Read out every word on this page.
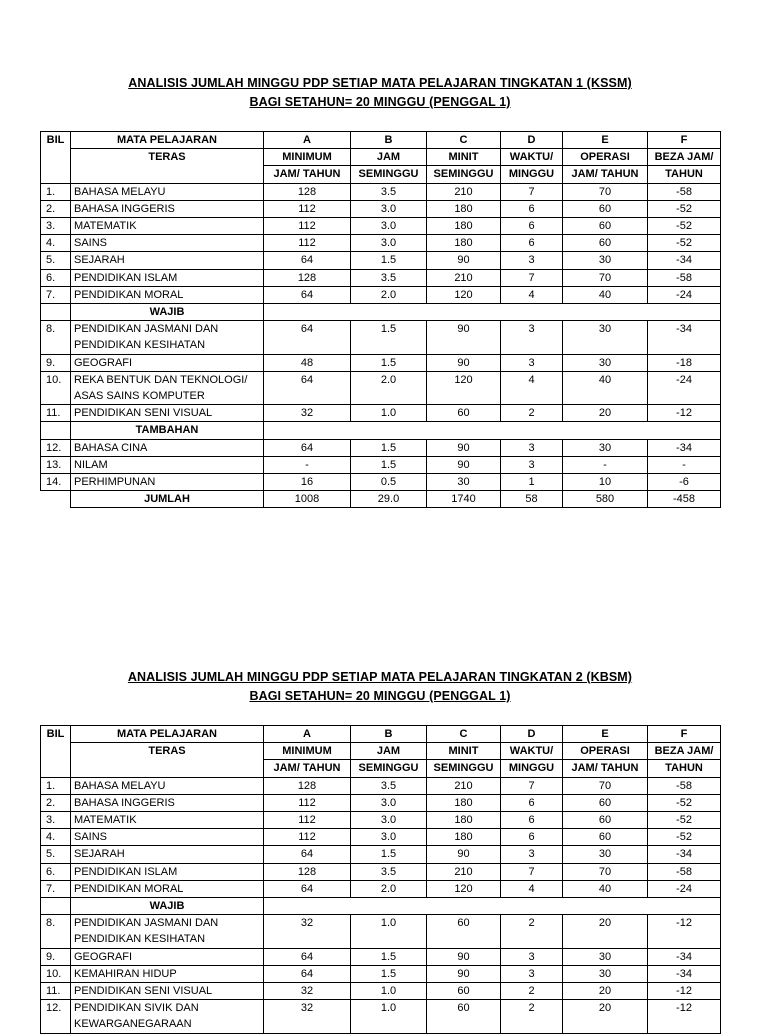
ANALISIS JUMLAH MINGGU PDP SETIAP MATA PELAJARAN TINGKATAN 1 (KSSM)
BAGI SETAHUN= 20 MINGGU (PENGGAL 1)
BIL	MATA PELAJARAN	A	B	C	D	E	F
	TERAS	MINIMUM	JAM	MINIT	WAKTU/	OPERASI	BEZA JAM/
		JAM/ TAHUN	SEMINGGU	SEMINGGU	MINGGU	JAM/ TAHUN	TAHUN
1.	BAHASA MELAYU	128	3.5	210	7	70	-58
2.	BAHASA INGGERIS	112	3.0	180	6	60	-52
3.	MATEMATIK	112	3.0	180	6	60	-52
4.	SAINS	112	3.0	180	6	60	-52
5.	SEJARAH	64	1.5	90	3	30	-34
6.	PENDIDIKAN ISLAM	128	3.5	210	7	70	-58
7.	PENDIDIKAN MORAL	64	2.0	120	4	40	-24
	WAJIB						
8.	PENDIDIKAN JASMANI DAN
PENDIDIKAN KESIHATAN	64	1.5	90	3	30	-34
9.	GEOGRAFI	48	1.5	90	3	30	-18
10.	REKA BENTUK DAN TEKNOLOGI/
ASAS SAINS KOMPUTER	64	2.0	120	4	40	-24
11.	PENDIDIKAN SENI VISUAL	32	1.0	60	2	20	-12
	TAMBAHAN						
12.	BAHASA CINA	64	1.5	90	3	30	-34
13.	NILAM	-	1.5	90	3	-	-
14.	PERHIMPUNAN	16	0.5	30	1	10	-6
	JUMLAH	1008	29.0	1740	58	580	-458
ANALISIS JUMLAH MINGGU PDP SETIAP MATA PELAJARAN TINGKATAN 2 (KBSM)
BAGI SETAHUN= 20 MINGGU (PENGGAL 1)
BIL	MATA PELAJARAN	A	B	C	D	E	F
	TERAS	MINIMUM	JAM	MINIT	WAKTU/	OPERASI	BEZA JAM/
		JAM/ TAHUN	SEMINGGU	SEMINGGU	MINGGU	JAM/ TAHUN	TAHUN
1.	BAHASA MELAYU	128	3.5	210	7	70	-58
2.	BAHASA INGGERIS	112	3.0	180	6	60	-52
3.	MATEMATIK	112	3.0	180	6	60	-52
4.	SAINS	112	3.0	180	6	60	-52
5.	SEJARAH	64	1.5	90	3	30	-34
6.	PENDIDIKAN ISLAM	128	3.5	210	7	70	-58
7.	PENDIDIKAN MORAL	64	2.0	120	4	40	-24
	WAJIB						
8.	PENDIDIKAN JASMANI DAN
PENDIDIKAN KESIHATAN	32	1.0	60	2	20	-12
9.	GEOGRAFI	64	1.5	90	3	30	-34
10.	KEMAHIRAN HIDUP	64	1.5	90	3	30	-34
11.	PENDIDIKAN SENI VISUAL	32	1.0	60	2	20	-12
12.	PENDIDIKAN SIVIK DAN
KEWARGANEGARAAN	32	1.0	60	2	20	-12
